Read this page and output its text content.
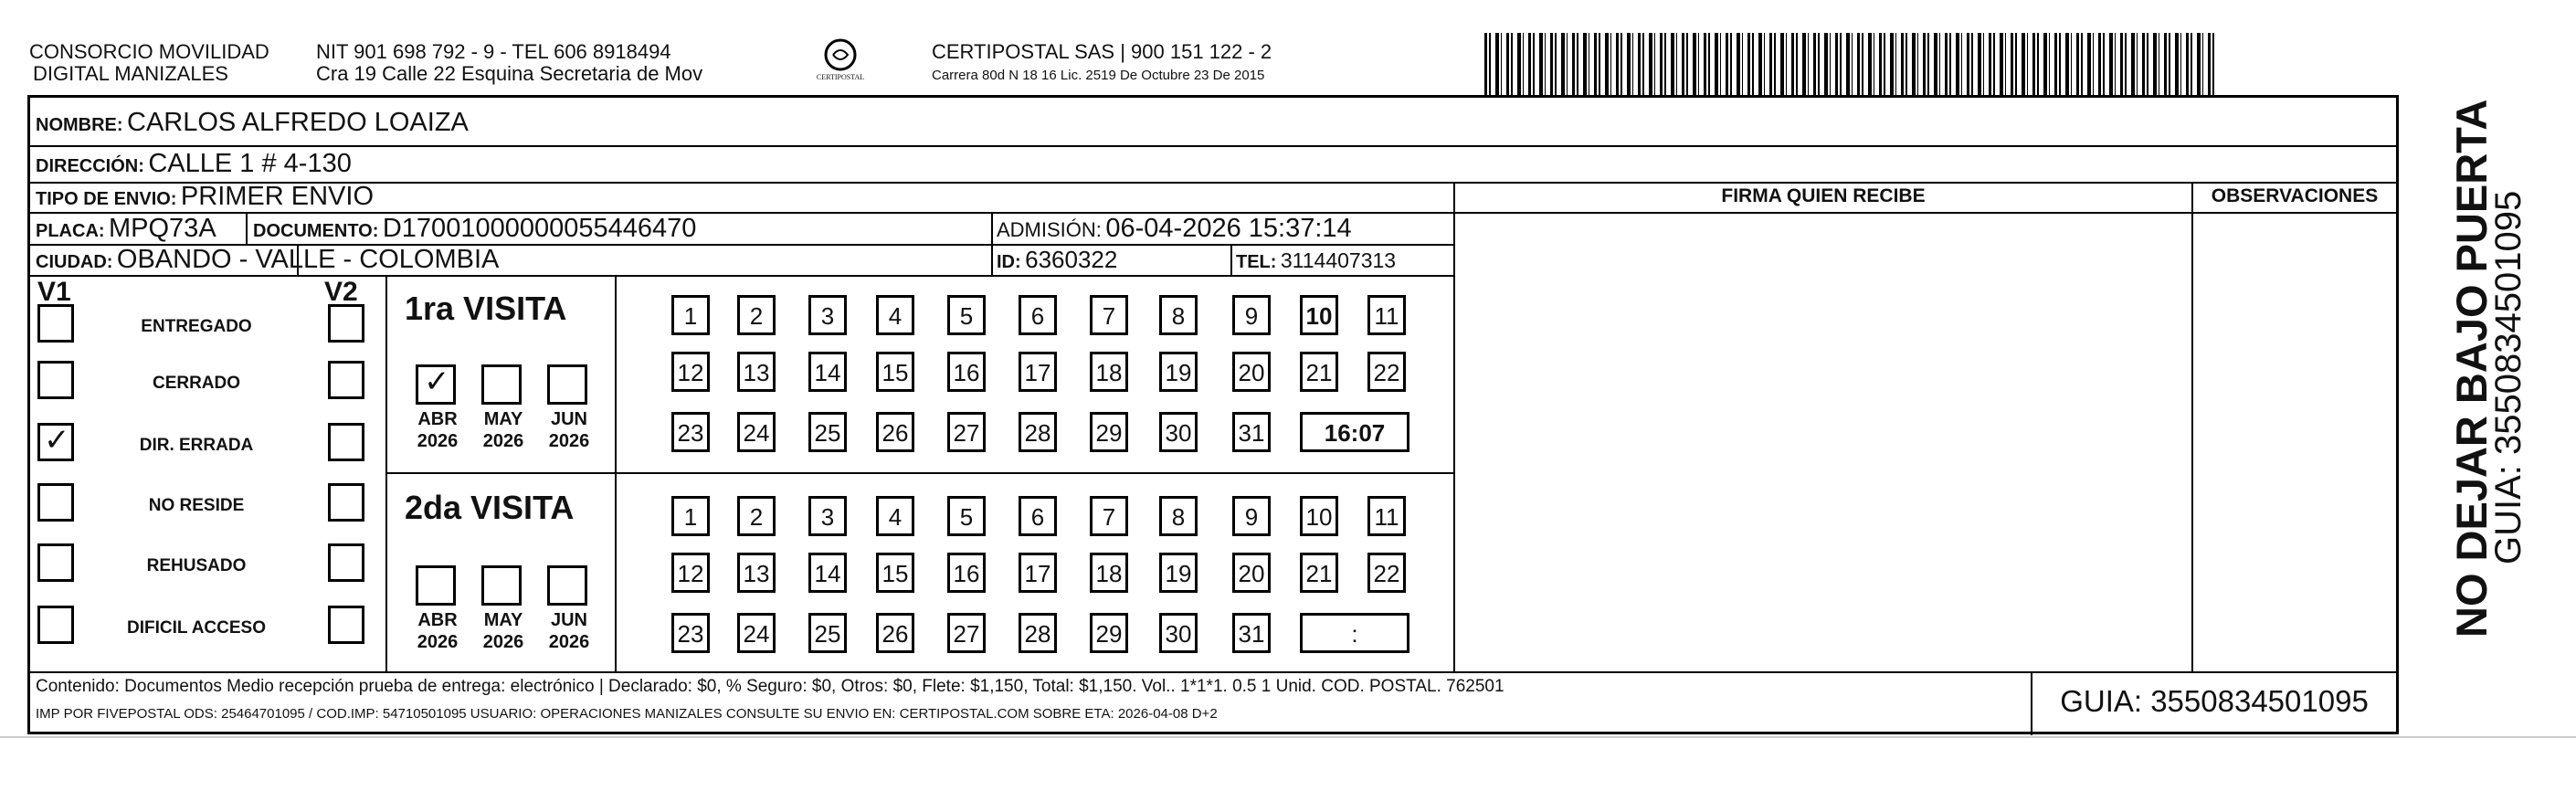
CONSORCIO MOVILIDAD
DIGITAL MANIZALES
NIT 901 698 792 - 9 - TEL 606 8918494
Cra 19 Calle 22 Esquina Secretaria de Mov	CERTIPOSTAL
CERTIPOSTAL SAS | 900 151 122 - 2
Carrera 80d N 18 16 Lic. 2519 De Octubre 23 De 2015
NOMBRE: CARLOS ALFREDO LOAIZA
DIRECCIÓN: CALLE 1 # 4-130
TIPO DE ENVIO: PRIMER ENVIO
PLACA: MPQ73A DOCUMENTO: D17001000000055446470	ADMISIÓN: 06-04-2026 15:37:14
CIUDAD: OBANDO - VALLE - COLOMBIA	ID: 6360322	TEL: 3114407313
FIRMA QUIEN RECIBE	OBSERVACIONES
V1	V2
ENTREGADO
CERRADO
✓	DIR. ERRADA
NO RESIDE
REHUSADO
DIFICIL ACCESO
1ra VISITA
2da VISITA
1	2	3	4	5	6	7	8	9	10 11
12 13 14 15 16 17 18 19 20 21 22
23 24 25 26 27 28 29 30 31	16:07
✓
ABR
2026
MAY
2026
JUN
2026
1	2	3	4	5	6	7	8	9	10 11
12 13 14 15 16 17 18 19 20 21 22
23 24 25 26 27 28 29 30 31	:
ABR
2026
MAY
2026
JUN
2026
Contenido: Documentos Medio recepción prueba de entrega: electrónico | Declarado: $0, % Seguro: $0, Otros: $0, Flete: $1,150, Total: $1,150. Vol.. 1*1*1. 0.5 1 Unid. COD. POSTAL. 762501
IMP POR FIVEPOSTAL ODS: 25464701095 / COD.IMP: 54710501095 USUARIO: OPERACIONES MANIZALES CONSULTE SU ENVIO EN: CERTIPOSTAL.COM SOBRE ETA: 2026-04-08 D+2	GUIA: 3550834501095
NO DEJAR BAJO PUERTA
GUIA: 3550834501095
